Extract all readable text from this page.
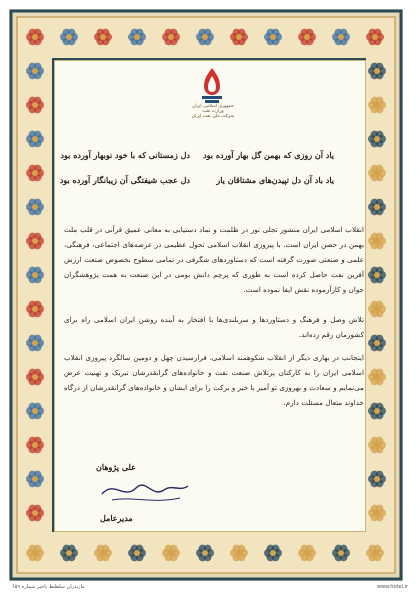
جمهوری اسلامی ایران
وزارت نفت
شرکت ملی نفت ایران
یاد آن روزی که بهمن گل بهار آورده بود
دل زمستانی که با خود نوبهار آورده بود
یاد باد آن دل تپیدن‌های مشتاقان یار
دل عجب شیفتگی آن زیبانگار آورده بود
انقلاب اسلامی ایران منشور تجلی نور در ظلمت و نماد دستیابی به معانی عمیق قرآنی در قلب ملت بهمن در حصن ایران است. با پیروزی انقلاب اسلامی تحول عظیمی در عرصه‌های اجتماعی، فرهنگی، علمی و صنعتی صورت گرفته است که دستاوردهای شگرفی در تمامی سطوح بخصوص صنعت ارزش آفرین نفت حاصل کرده است به طوری که پرچم دانش بومی در این صنعت به همت پژوهشگران جوان و کارآزموده نقش ایفا نموده است.
تلاش وصل و فرهنگ و دستاوردها و سربلندی‌ها با افتخار به آینده روشن ایران اسلامی راه برای کشورمان رقم زده‌اند.
اینجانب در بهاری دیگر از انقلاب شکوهمند اسلامی، فرارسیدن چهل و دومین سالگرد پیروزی انقلاب اسلامی ایران را به کارکنان پرتلاش صنعت نفت و خانواده‌های گرانقدرشان تبریک و تهنیت عرض می‌نمایم و سعادت و بهروزی تو آمیز با خیر و برکت را برای ایشان و خانواده‌های گرانقدرشان از درگاه خداوند متعال مسئلت دارم.
علی پژوهان
مدیرعامل
مازندران سلطنط تاجیر شماره ۶۵۹	www.hotel.ir
